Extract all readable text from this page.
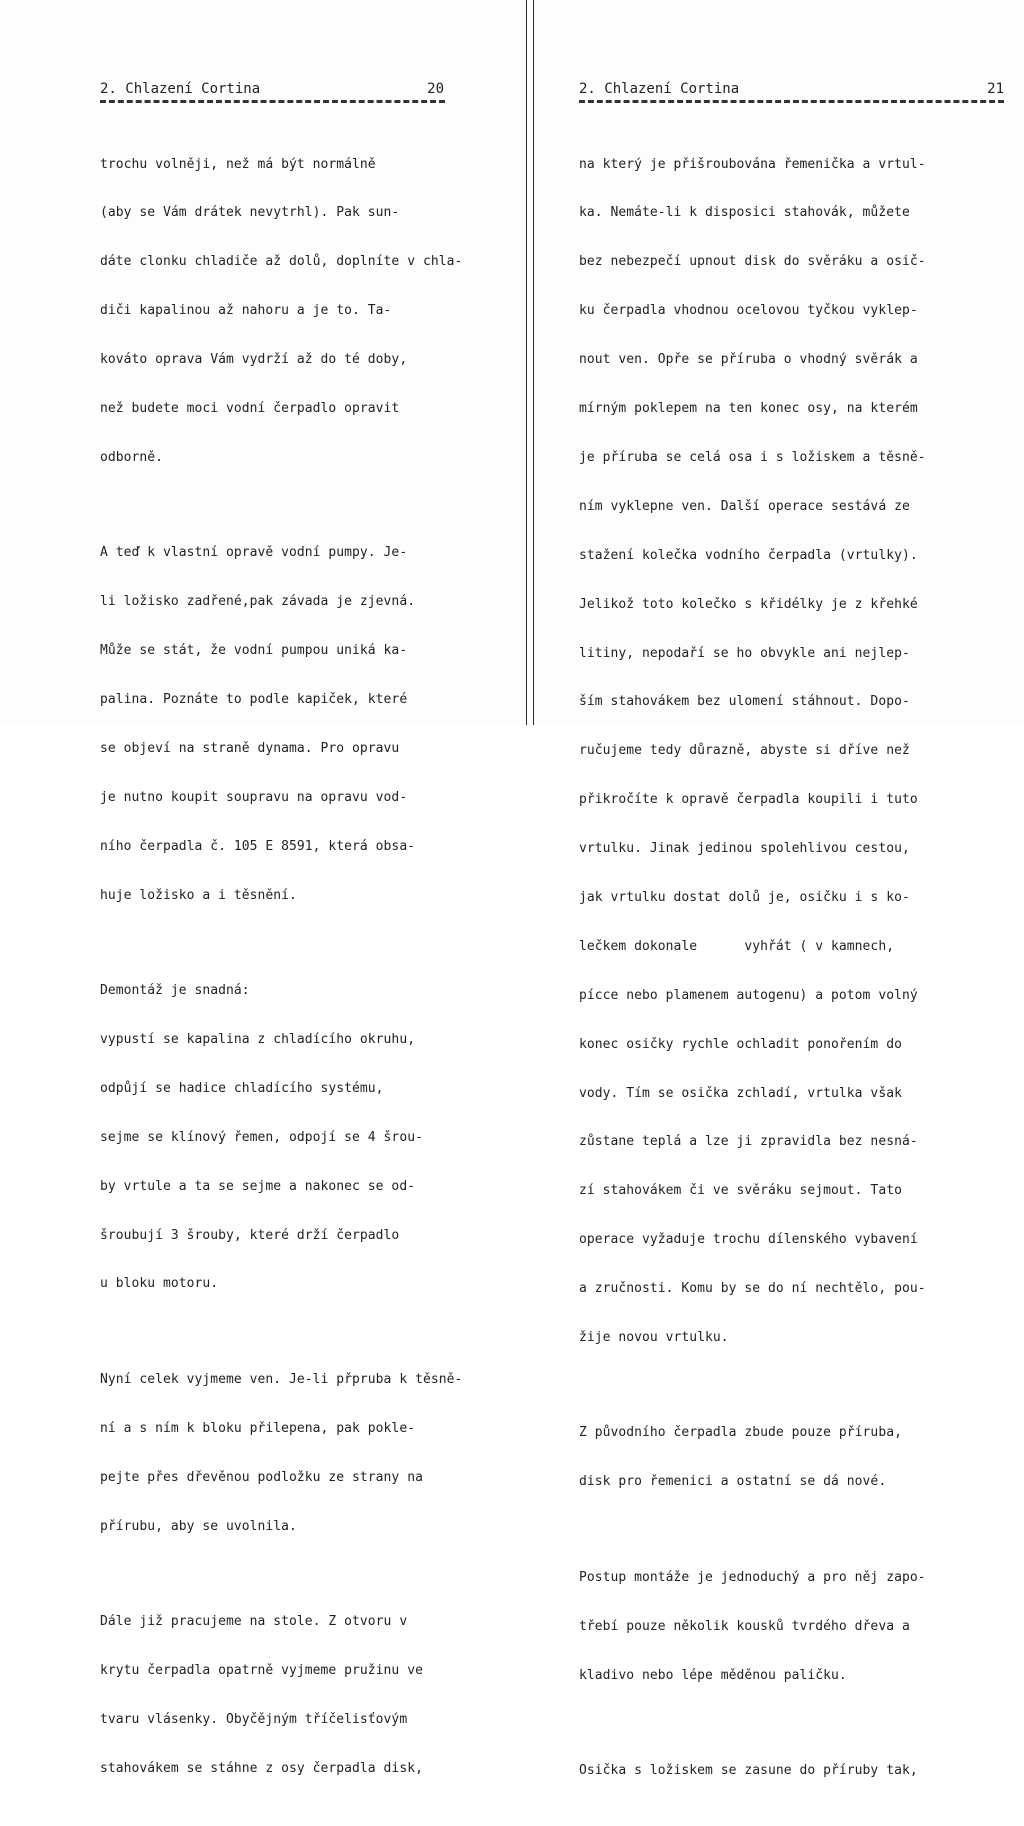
2. Chlazení Cortina	20

trochu volněji, než má být normálně

(aby se Vám drátek nevytrhl). Pak sun-

dáte clonku chladiče až dolů, doplníte v chla-

diči kapalinou až nahoru a je to. Ta-

kováto oprava Vám vydrží až do té doby,

než budete moci vodní čerpadlo opravit

odborně.

A teď k vlastní opravě vodní pumpy. Je-

li ložisko zadřené,pak závada je zjevná.

Může se stát, že vodní pumpou uniká ka-

palina. Poznáte to podle kapiček, které

se objeví na straně dynama. Pro opravu

je nutno koupit soupravu na opravu vod-

ního čerpadla č. 105 E 8591, která obsa-

huje ložisko a i těsnění.

Demontáž je snadná:

vypustí se kapalina z chladícího okruhu,

odpůjí se hadice chladícího systému,

sejme se klínový řemen, odpojí se 4 šrou-

by vrtule a ta se sejme a nakonec se od-

šroubují 3 šrouby, které drží čerpadlo

u bloku motoru.

Nyní celek vyjmeme ven. Je-li přpruba k těsně-

ní a s ním k bloku přilepena, pak pokle-

pejte přes dřevěnou podložku ze strany na

přírubu, aby se uvolnila.

Dále již pracujeme na stole. Z otvoru v

krytu čerpadla opatrně vyjmeme pružinu ve

tvaru vlásenky. Obyčějným tříčelisťovým

stahovákem se stáhne z osy čerpadla disk,

2. Chlazení Cortina	21

na který je přišroubována řemenička a vrtul-

ka. Nemáte-li k disposici stahovák, můžete

bez nebezpečí upnout disk do svěráku a osič-

ku čerpadla vhodnou ocelovou tyčkou vyklep-

nout ven. Opře se příruba o vhodný svěrák a

mírným poklepem na ten konec osy, na kterém

je příruba se celá osa i s ložiskem a těsně-

ním vyklepne ven. Další operace sestává ze

stažení kolečka vodního čerpadla (vrtulky).

Jelikož toto kolečko s křidélky je z křehké

litiny, nepodaří se ho obvykle ani nejlep-

ším stahovákem bez ulomení stáhnout. Dopo-

ručujeme tedy důrazně, abyste si dříve než

přikročíte k opravě čerpadla koupili i tuto

vrtulku. Jinak jedinou spolehlivou cestou,

jak vrtulku dostat dolů je, osičku i s ko-

lečkem dokonale      vyhřát ( v kamnech,

pícce nebo plamenem autogenu) a potom volný

konec osičky rychle ochladit ponořením do

vody. Tím se osička zchladí, vrtulka však

zůstane teplá a lze ji zpravidla bez nesná-

zí stahovákem či ve svěráku sejmout. Tato

operace vyžaduje trochu dílenského vybavení

a zručnosti. Komu by se do ní nechtělo, pou-

žije novou vrtulku.

Z původního čerpadla zbude pouze příruba,

disk pro řemenici a ostatní se dá nové.

Postup montáže je jednoduchý a pro něj zapo-

třebí pouze několik kousků tvrdého dřeva a

kladivo nebo lépe měděnou paličku.

Osička s ložiskem se zasune do příruby tak,
